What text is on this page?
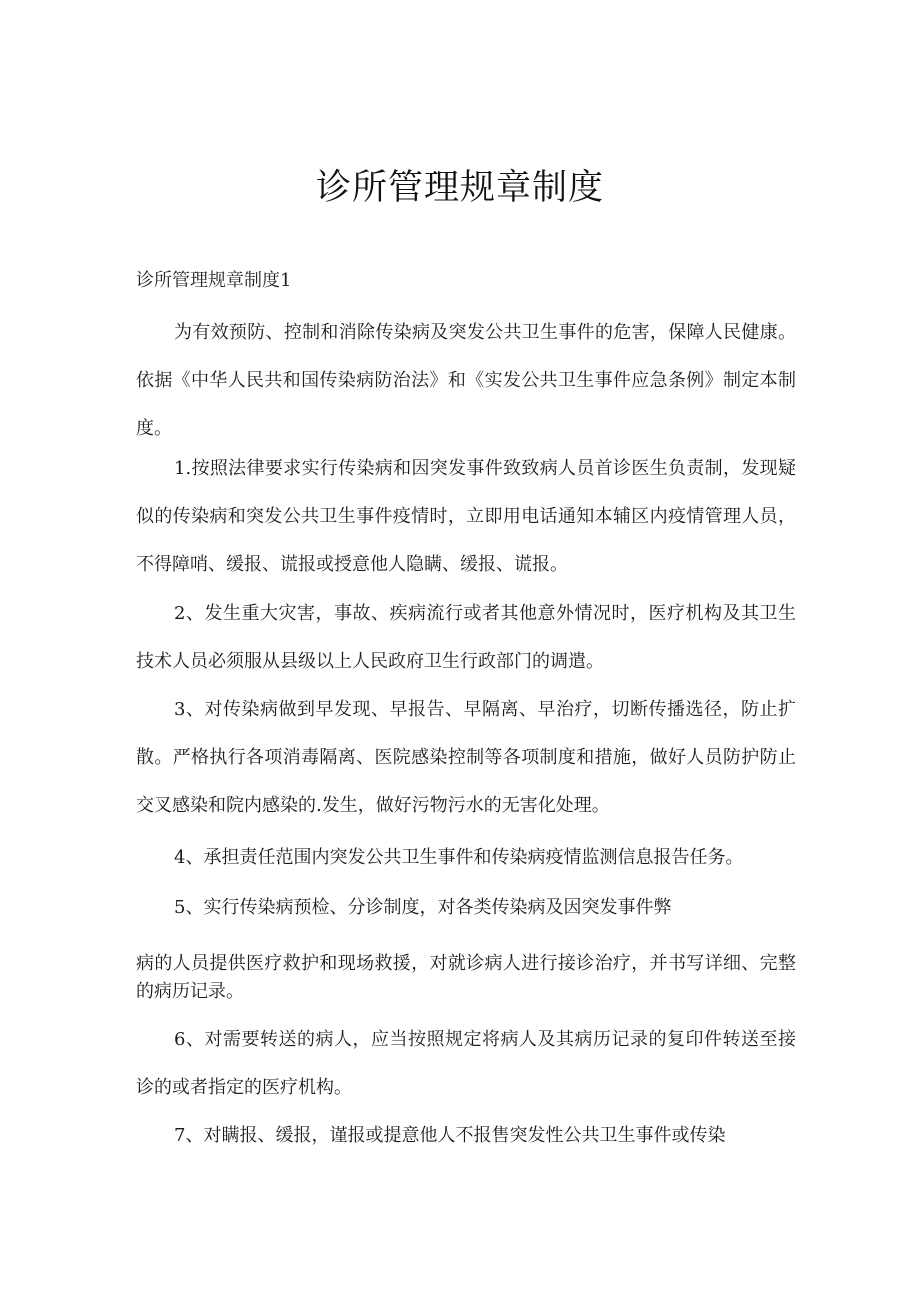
诊所管理规章制度
诊所管理规章制度1

为有效预防、控制和消除传染病及突发公共卫生事件的危害，保障人民健康。依据《中华人民共和国传染病防治法》和《实发公共卫生事件应急条例》制定本制度。

1.按照法律要求实行传染病和因突发事件致致病人员首诊医生负责制，发现疑似的传染病和突发公共卫生事件疫情时，立即用电话通知本辅区内疫情管理人员，不得障哨、缓报、谎报或授意他人隐瞒、缓报、谎报。

2、发生重大灾害，事故、疾病流行或者其他意外情况时，医疗机构及其卫生技术人员必须服从县级以上人民政府卫生行政部门的调遣。

3、对传染病做到早发现、早报告、早隔离、早治疗，切断传播选径，防止扩散。严格执行各项消毒隔离、医院感染控制等各项制度和措施，做好人员防护防止交叉感染和院内感染的.发生，做好污物污水的无害化处理。

4、承担责任范围内突发公共卫生事件和传染病疫情监测信息报告任务。

5、实行传染病预检、分诊制度，对各类传染病及因突发事件弊

病的人员提供医疗救护和现场救援，对就诊病人进行接诊治疗，并书写详细、完整的病历记录。

6、对需要转送的病人，应当按照规定将病人及其病历记录的复印件转送至接诊的或者指定的医疗机构。

7、对瞒报、缓报，谨报或提意他人不报售突发性公共卫生事件或传染
